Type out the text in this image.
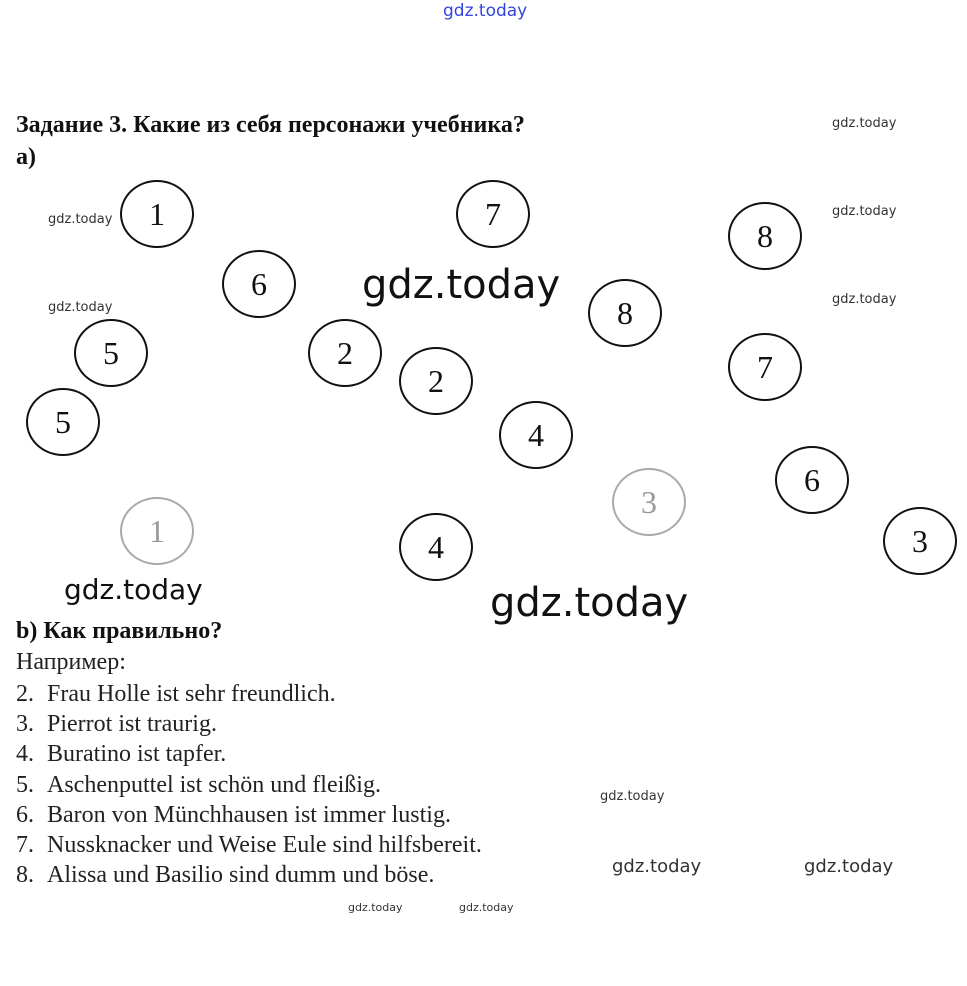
gdz.today
Задание 3. Какие из себя персонажи учебника?
а)
1	7
8
6
8
5	2
2	7
5	4
6
3
1	4	3
b) Как правильно?
Например:
2. Frau Holle ist sehr freundlich.
3. Pierrot ist traurig.
4. Buratino ist tapfer.
5. Aschenputtel ist schön und fleißig.
6. Baron von Münchhausen ist immer lustig.
7. Nussknacker und Weise Eule sind hilfsbereit.
8. Alissa und Basilio sind dumm und böse.
gdz.today
gdz.today
gdz.today
gdz.today
gdz.today
gdz.today
gdz.today
gdz.today
gdz.today
gdz.today	gdz.today
gdz.today	gdz.today
